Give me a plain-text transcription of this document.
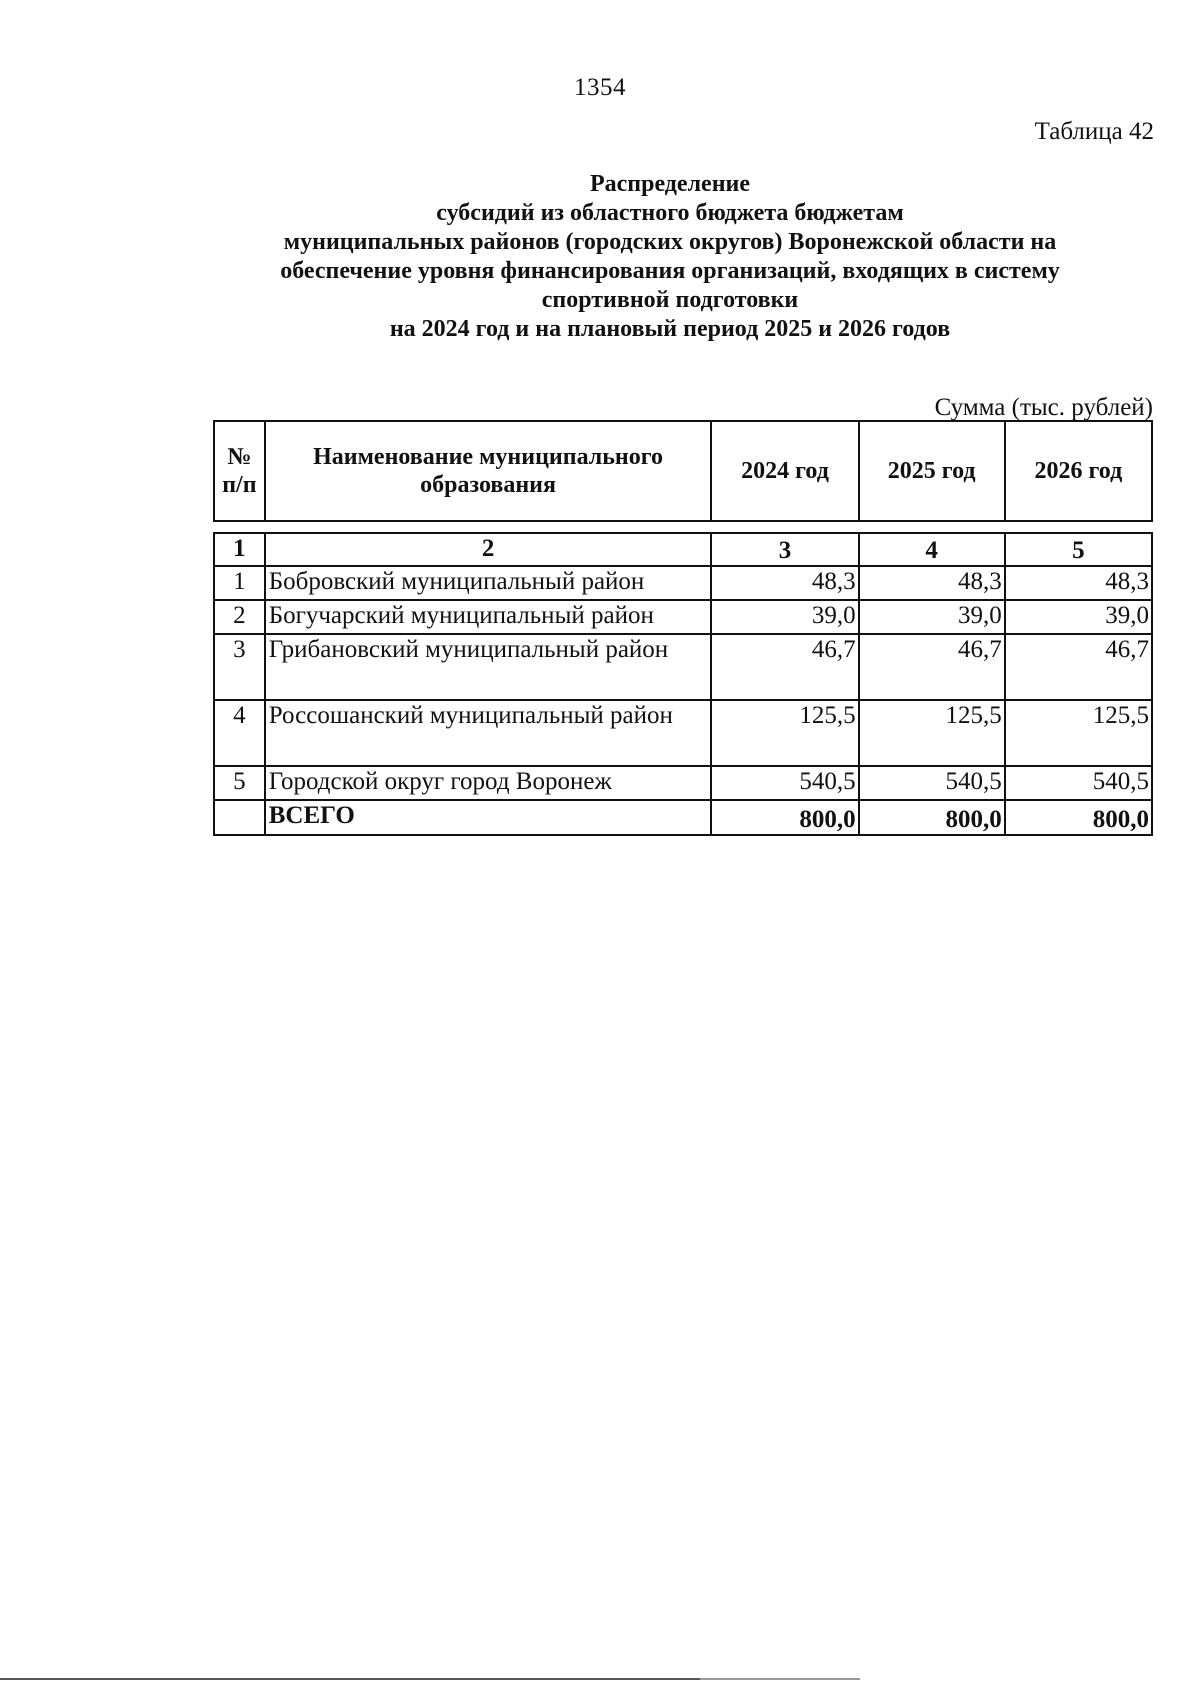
1354
Таблица 42
Распределение
субсидий из областного бюджета бюджетам
муниципальных районов (городских округов) Воронежской области на
обеспечение уровня финансирования организаций, входящих в систему
спортивной подготовки
на 2024 год и на плановый период 2025 и 2026 годов
Сумма (тыс. рублей)
№ п/п	Наименование муниципального образования	2024 год	2025 год	2026 год
1	2	3	4	5
1	Бобровский муниципальный район	48,3	48,3	48,3
2	Богучарский муниципальный район	39,0	39,0	39,0
3	Грибановский муниципальный район	46,7	46,7	46,7
4	Россошанский муниципальный район	125,5	125,5	125,5
5	Городской округ город Воронеж	540,5	540,5	540,5
	ВСЕГО	800,0	800,0	800,0
